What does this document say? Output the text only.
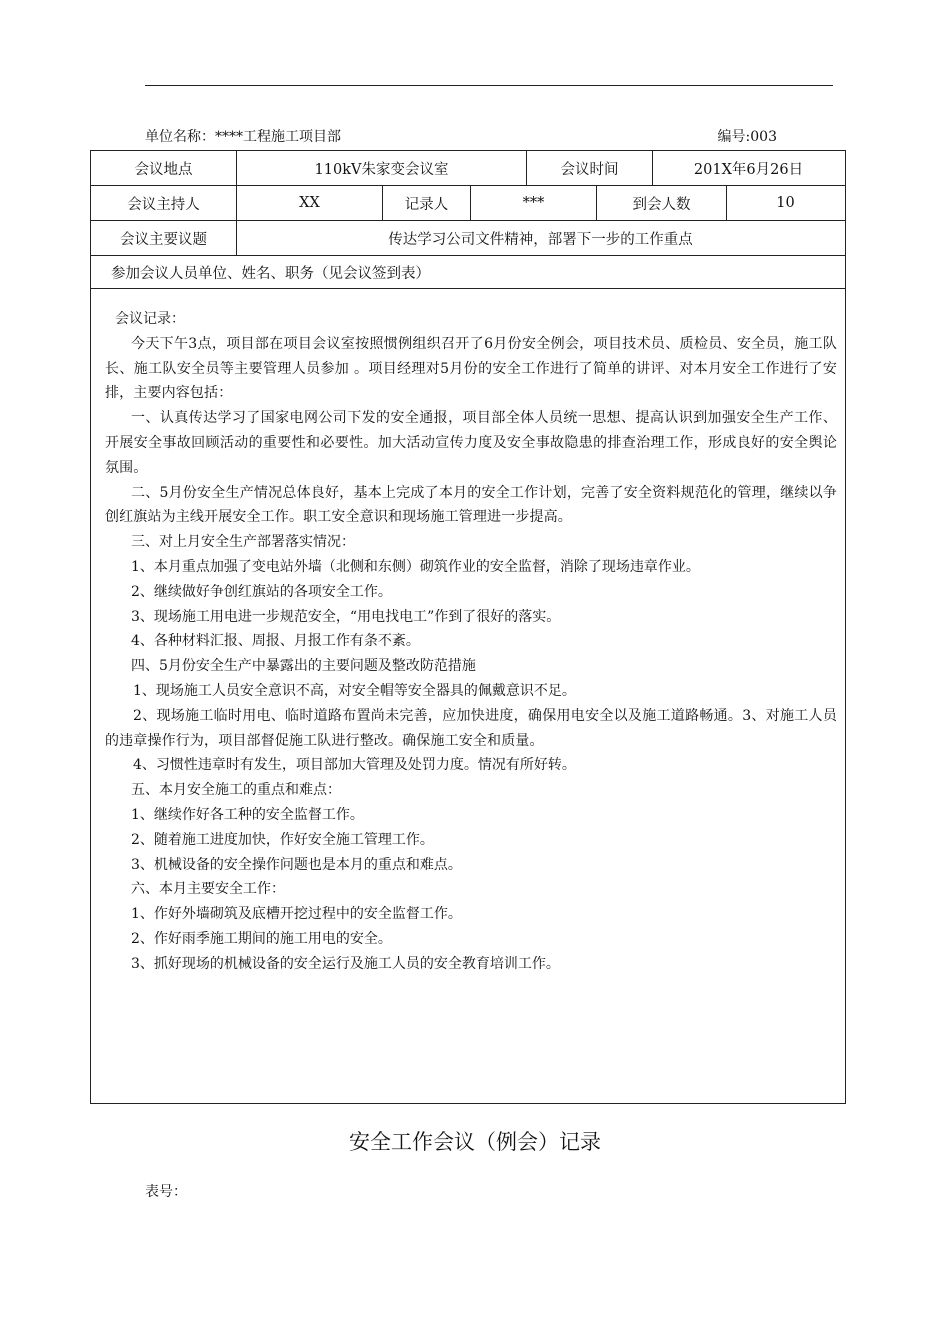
单位名称：****工程施工项目部	编号:003
会议地点	110kV朱家变会议室	会议时间	201X年6月26日
会议主持人	XX	记录人	***	到会人数	10
会议主要议题	传达学习公司文件精神，部署下一步的工作重点
参加会议人员单位、姓名、职务（见会议签到表）

会议记录：

今天下午3点，项目部在项目会议室按照惯例组织召开了6月份安全例会，项目技术员、质检员、安全员，施工队长、施工队安全员等主要管理人员参加 。项目经理对5月份的安全工作进行了简单的讲评、对本月安全工作进行了安排，主要内容包括：

一、认真传达学习了国家电网公司下发的安全通报，项目部全体人员统一思想、提高认识到加强安全生产工作、开展安全事故回顾活动的重要性和必要性。加大活动宣传力度及安全事故隐患的排查治理工作，形成良好的安全舆论氛围。

二、5月份安全生产情况总体良好，基本上完成了本月的安全工作计划，完善了安全资料规范化的管理，继续以争创红旗站为主线开展安全工作。职工安全意识和现场施工管理进一步提高。

三、对上月安全生产部署落实情况：

1、本月重点加强了变电站外墙（北侧和东侧）砌筑作业的安全监督，消除了现场违章作业。

2、继续做好争创红旗站的各项安全工作。

3、现场施工用电进一步规范安全，“用电找电工”作到了很好的落实。

4、各种材料汇报、周报、月报工作有条不紊。

四、5月份安全生产中暴露出的主要问题及整改防范措施

1、现场施工人员安全意识不高，对安全帽等安全器具的佩戴意识不足。

2、现场施工临时用电、临时道路布置尚未完善，应加快进度，确保用电安全以及施工道路畅通。3、对施工人员的违章操作行为，项目部督促施工队进行整改。确保施工安全和质量。

4、习惯性违章时有发生，项目部加大管理及处罚力度。情况有所好转。

五、本月安全施工的重点和难点：

1、继续作好各工种的安全监督工作。

2、随着施工进度加快，作好安全施工管理工作。

3、机械设备的安全操作问题也是本月的重点和难点。

六、本月主要安全工作：

1、作好外墙砌筑及底槽开挖过程中的安全监督工作。

2、作好雨季施工期间的施工用电的安全。

3、抓好现场的机械设备的安全运行及施工人员的安全教育培训工作。

安全工作会议（例会）记录
表号：
